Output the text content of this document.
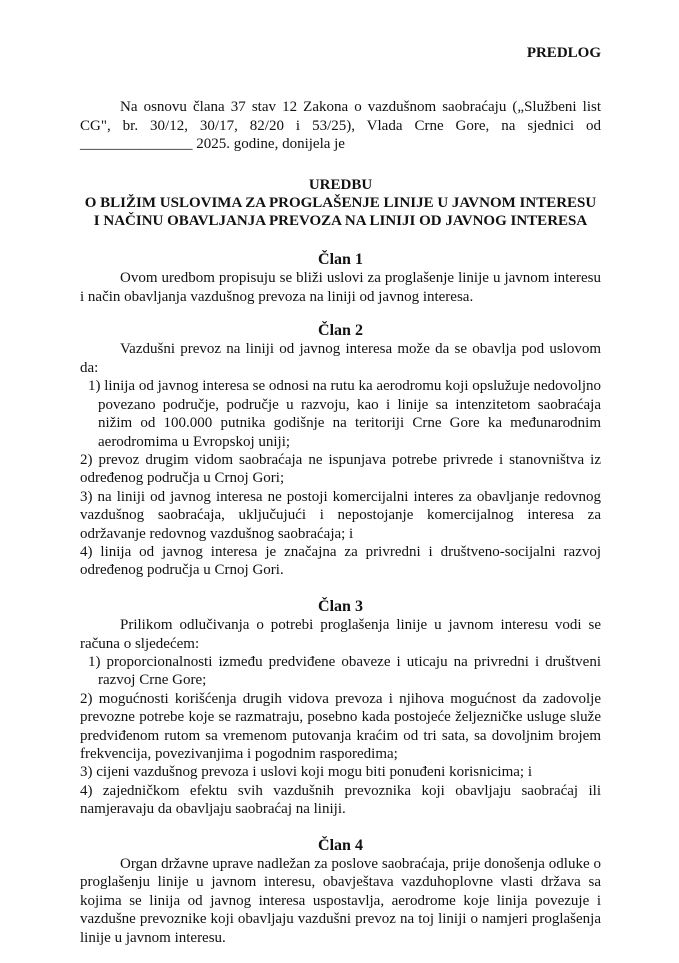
PREDLOG

Na osnovu člana 37 stav 12 Zakona o vazdušnom saobraćaju („Službeni list CG", br. 30/12, 30/17, 82/20 i 53/25), Vlada Crne Gore, na sjednici od _______________ 2025. godine, donijela je

UREDBU
O BLIŽIM USLOVIMA ZA PROGLAŠENJE LINIJE U JAVNOM INTERESU I NAČINU OBAVLJANJA PREVOZA NA LINIJI OD JAVNOG INTERESA
Član 1

Ovom uredbom propisuju se bliži uslovi za proglašenje linije u javnom interesu i način obavljanja vazdušnog prevoza na liniji od javnog interesa.

Član 2

Vazdušni prevoz na liniji od javnog interesa može da se obavlja pod uslovom da:

1) linija od javnog interesa se odnosi na rutu ka aerodromu koji opslužuje nedovoljno povezano područje, područje u razvoju, kao i linije sa intenzitetom saobraćaja nižim od 100.000 putnika godišnje na teritoriji Crne Gore ka međunarodnim aerodromima u Evropskoj uniji;

2) prevoz drugim vidom saobraćaja ne ispunjava potrebe privrede i stanovništva iz određenog područja u Crnoj Gori;

3) na liniji od javnog interesa ne postoji komercijalni interes za obavljanje redovnog vazdušnog saobraćaja, uključujući i nepostojanje komercijalnog interesa za održavanje redovnog vazdušnog saobraćaja; i

4) linija od javnog interesa je značajna za privredni i društveno-socijalni razvoj određenog područja u Crnoj Gori.

Član 3

Prilikom odlučivanja o potrebi proglašenja linije u javnom interesu vodi se računa o sljedećem:

1) proporcionalnosti između predviđene obaveze i uticaju na privredni i društveni razvoj Crne Gore;

2) mogućnosti korišćenja drugih vidova prevoza i njihova mogućnost da zadovolje prevozne potrebe koje se razmatraju, posebno kada postojeće željezničke usluge služe predviđenom rutom sa vremenom putovanja kraćim od tri sata, sa dovoljnim brojem frekvencija, povezivanjima i pogodnim rasporedima;

3) cijeni vazdušnog prevoza i uslovi koji mogu biti ponuđeni korisnicima; i

4) zajedničkom efektu svih vazdušnih prevoznika koji obavljaju saobraćaj ili namjeravaju da obavljaju saobraćaj na liniji.

Član 4

Organ državne uprave nadležan za poslove saobraćaja, prije donošenja odluke o proglašenju linije u javnom interesu, obavještava vazduhoplovne vlasti država sa kojima se linija od javnog interesa uspostavlja, aerodrome koje linija povezuje i vazdušne prevoznike koji obavljaju vazdušni prevoz na toj liniji o namjeri proglašenja linije u javnom interesu.
